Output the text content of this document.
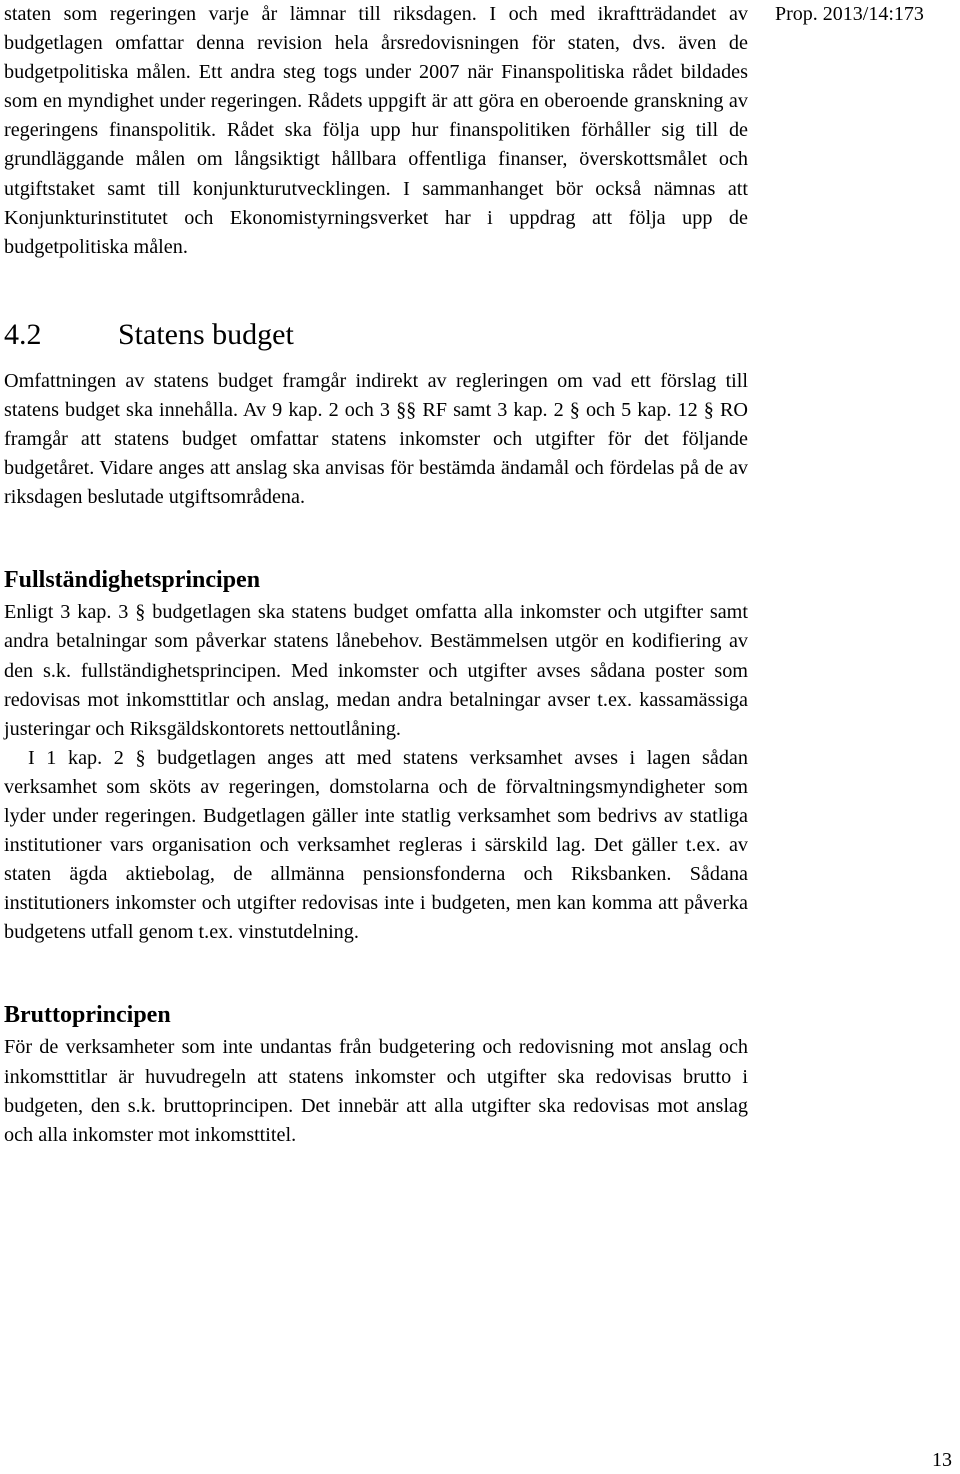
Prop. 2013/14:173

staten som regeringen varje år lämnar till riksdagen. I och med ikraftträdandet av budgetlagen omfattar denna revision hela årsredovisningen för staten, dvs. även de budgetpolitiska målen. Ett andra steg togs under 2007 när Finanspolitiska rådet bildades som en myndighet under regeringen. Rådets uppgift är att göra en oberoende granskning av regeringens finanspolitik. Rådet ska följa upp hur finanspolitiken förhåller sig till de grundläggande målen om långsiktigt hållbara offentliga finanser, överskottsmålet och utgiftstaket samt till konjunkturutvecklingen. I sammanhanget bör också nämnas att Konjunkturinstitutet och Ekonomistyrningsverket har i uppdrag att följa upp de budgetpolitiska målen.

4.2	Statens budget

Omfattningen av statens budget framgår indirekt av regleringen om vad ett förslag till statens budget ska innehålla. Av 9 kap. 2 och 3 §§ RF samt 3 kap. 2 § och 5 kap. 12 § RO framgår att statens budget omfattar statens inkomster och utgifter för det följande budgetåret. Vidare anges att anslag ska anvisas för bestämda ändamål och fördelas på de av riksdagen beslutade utgiftsområdena.

Fullständighetsprincipen

Enligt 3 kap. 3 § budgetlagen ska statens budget omfatta alla inkomster och utgifter samt andra betalningar som påverkar statens lånebehov. Bestämmelsen utgör en kodifiering av den s.k. fullständighetsprincipen. Med inkomster och utgifter avses sådana poster som redovisas mot inkomsttitlar och anslag, medan andra betalningar avser t.ex. kassamässiga justeringar och Riksgäldskontorets nettoutlåning.

I 1 kap. 2 § budgetlagen anges att med statens verksamhet avses i lagen sådan verksamhet som sköts av regeringen, domstolarna och de förvaltningsmyndigheter som lyder under regeringen. Budgetlagen gäller inte statlig verksamhet som bedrivs av statliga institutioner vars organisation och verksamhet regleras i särskild lag. Det gäller t.ex. av staten ägda aktiebolag, de allmänna pensionsfonderna och Riksbanken. Sådana institutioners inkomster och utgifter redovisas inte i budgeten, men kan komma att påverka budgetens utfall genom t.ex. vinstutdelning.

Bruttoprincipen

För de verksamheter som inte undantas från budgetering och redovisning mot anslag och inkomsttitlar är huvudregeln att statens inkomster och utgifter ska redovisas brutto i budgeten, den s.k. bruttoprincipen. Det innebär att alla utgifter ska redovisas mot anslag och alla inkomster mot inkomsttitel.

13
